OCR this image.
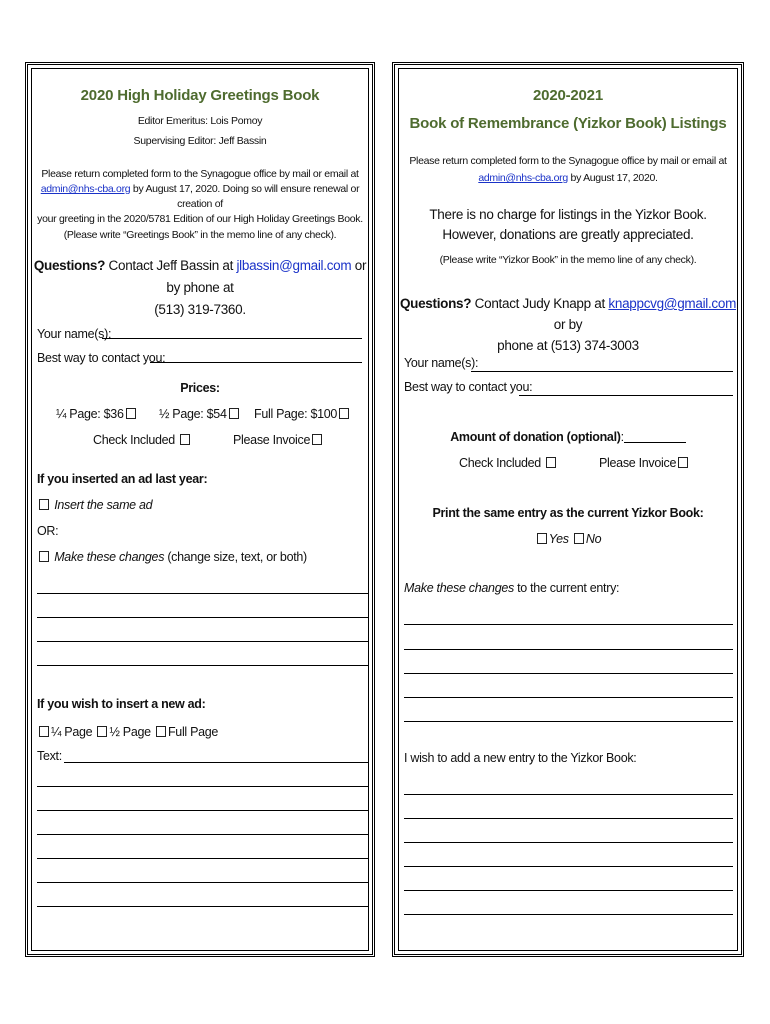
2020 High Holiday Greetings Book
Editor Emeritus: Lois Pomoy
Supervising Editor: Jeff Bassin
Please return completed form to the Synagogue office by mail or email at
admin@nhs-cba.org by August 17, 2020. Doing so will ensure renewal or creation of
your greeting in the 2020/5781 Edition of our High Holiday Greetings Book.
(Please write “Greetings Book” in the memo line of any check).
Questions? Contact Jeff Bassin at jlbassin@gmail.com or by phone at
(513) 319-7360.
Your name(s):
Best way to contact you:
Prices:
¼ Page: $36	½ Page: $54	Full Page: $100
Check Included	Please Invoice
If you inserted an ad last year:
Insert the same ad
OR:
Make these changes (change size, text, or both)
If you wish to insert a new ad:
¼ Page ½ Page Full Page
Text:
2020-2021
Book of Remembrance (Yizkor Book) Listings
Please return completed form to the Synagogue office by mail or email at
admin@nhs-cba.org by August 17, 2020.
There is no charge for listings in the Yizkor Book.
However, donations are greatly appreciated.
(Please write “Yizkor Book” in the memo line of any check).
Questions? Contact Judy Knapp at knappcvg@gmail.com or by
phone at (513) 374-3003
Your name(s):
Best way to contact you:
Amount of donation (optional):
Check Included	Please Invoice
Print the same entry as the current Yizkor Book:
Yes No
Make these changes to the current entry:
I wish to add a new entry to the Yizkor Book:
